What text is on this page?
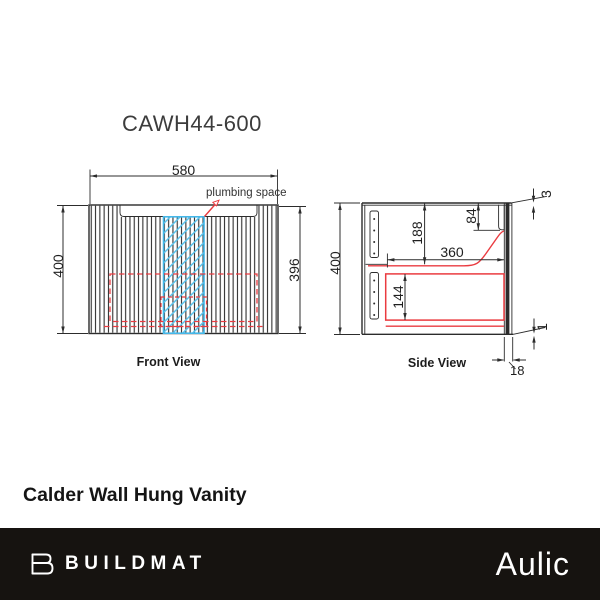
CAWH44-600
580
plumbing space
400	396
Front View
400
188
360
144
84
3
1
18
Side View
Calder Wall Hung Vanity
BUILDMAT	Aulic
